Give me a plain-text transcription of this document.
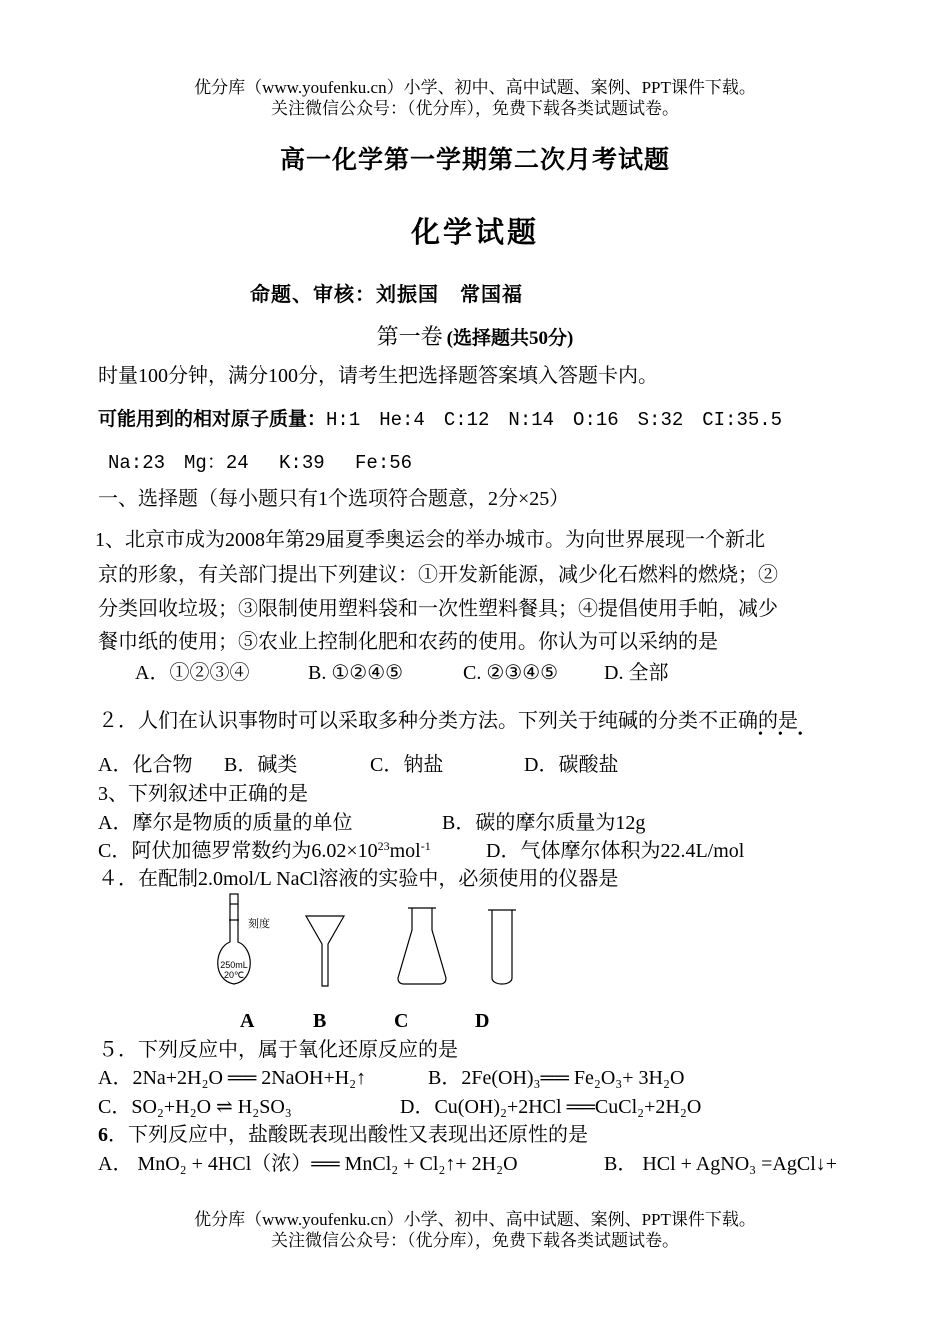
优分库（www.youfenku.cn）小学、初中、高中试题、案例、PPT课件下载。
关注微信公众号：（优分库），免费下载各类试题试卷。
高一化学第一学期第二次月考试题
化学试题
命题、审核：刘振国　常国福
第一卷 (选择题共50分)
时量100分钟，满分100分，请考生把选择题答案填入答题卡内。
可能用到的相对原子质量：H:1　He:4　C:12　N:14　O:16　S:32　CI:35.5
Na:23　Mg：24　 K:39　 Fe:56
一、选择题（每小题只有1个选项符合题意，2分×25）
1、北京市成为2008年第29届夏季奥运会的举办城市。为向世界展现一个新北
京的形象，有关部门提出下列建议：①开发新能源，减少化石燃料的燃烧；②
分类回收垃圾；③限制使用塑料袋和一次性塑料餐具；④提倡使用手帕，减少
餐巾纸的使用；⑤农业上控制化肥和农药的使用。你认为可以采纳的是
A．①②③④	B. ①②④⑤	C. ②③④⑤ D. 全部
２．人们在认识事物时可以采取多种分类方法。下列关于纯碱的分类不正确的是
•••
A．化合物 B．碱类	C．钠盐	D．碳酸盐
3、下列叙述中正确的是
A．摩尔是物质的质量的单位	B．碳的摩尔质量为12g
C．阿伏加德罗常数约为$6.02\times 10^{23}mol^{-1}$	D．气体摩尔体积为22.4L/mol
４．在配制2.0mol/L NaCl溶液的实验中，必须使用的仪器是
刻度
250mL
20℃
A	B	C	D
５．下列反应中，属于氧化还原反应的是
A．2Na+2H₂O ══ 2NaOH+H₂↑	B．2Fe(OH)₃══ Fe₂O₃+ 3H₂O
C．SO₂+H₂O ⇌ H₂SO₃	D．Cu(OH)₂+2HCl ══CuCl₂+2H₂O
6．下列反应中，盐酸既表现出酸性又表现出还原性的是
A． MnO₂ + 4HCl（浓）══ MnCl₂ + Cl₂↑+ 2H₂O	B． HCl + AgNO₃ =AgCl↓+
优分库（www.youfenku.cn）小学、初中、高中试题、案例、PPT课件下载。
关注微信公众号：（优分库），免费下载各类试题试卷。
